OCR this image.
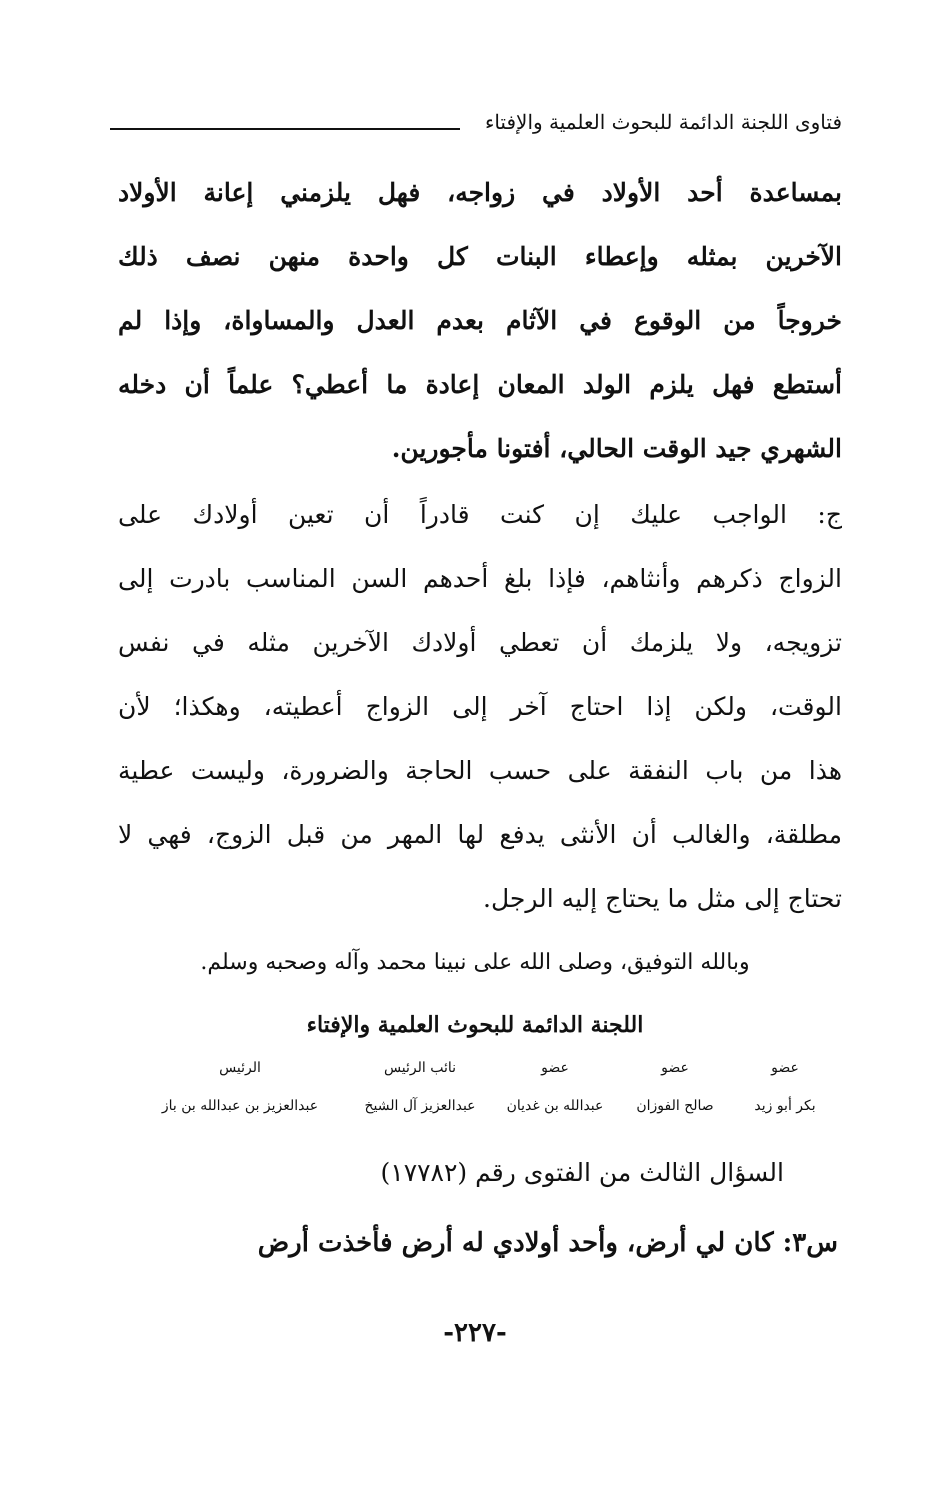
فتاوى اللجنة الدائمة للبحوث العلمية والإفتاء
بمساعدة أحد الأولاد في زواجه، فهل يلزمني إعانة الأولاد
الآخرين بمثله وإعطاء البنات كل واحدة منهن نصف ذلك
خروجاً من الوقوع في الآثام بعدم العدل والمساواة، وإذا لم
أستطع فهل يلزم الولد المعان إعادة ما أعطي؟ علماً أن دخله
الشهري جيد الوقت الحالي، أفتونا مأجورين.
ج: الواجب عليك إن كنت قادراً أن تعين أولادك على
الزواج ذكرهم وأنثاهم، فإذا بلغ أحدهم السن المناسب بادرت إلى
تزويجه، ولا يلزمك أن تعطي أولادك الآخرين مثله في نفس
الوقت، ولكن إذا احتاج آخر إلى الزواج أعطيته، وهكذا؛ لأن
هذا من باب النفقة على حسب الحاجة والضرورة، وليست عطية
مطلقة، والغالب أن الأنثى يدفع لها المهر من قبل الزوج، فهي لا
تحتاج إلى مثل ما يحتاج إليه الرجل.
وبالله التوفيق، وصلى الله على نبينا محمد وآله وصحبه وسلم.
اللجنة الدائمة للبحوث العلمية والإفتاء
عضو
بكر أبو زيد
عضو
صالح الفوزان
عضو
عبدالله بن غديان
نائب الرئيس
عبدالعزيز آل الشيخ
الرئيس
عبدالعزيز بن عبدالله بن باز
السؤال الثالث من الفتوى رقم (١٧٧٨٢)
س٣: كان لي أرض، وأحد أولادي له أرض فأخذت أرض
-٢٢٧-
